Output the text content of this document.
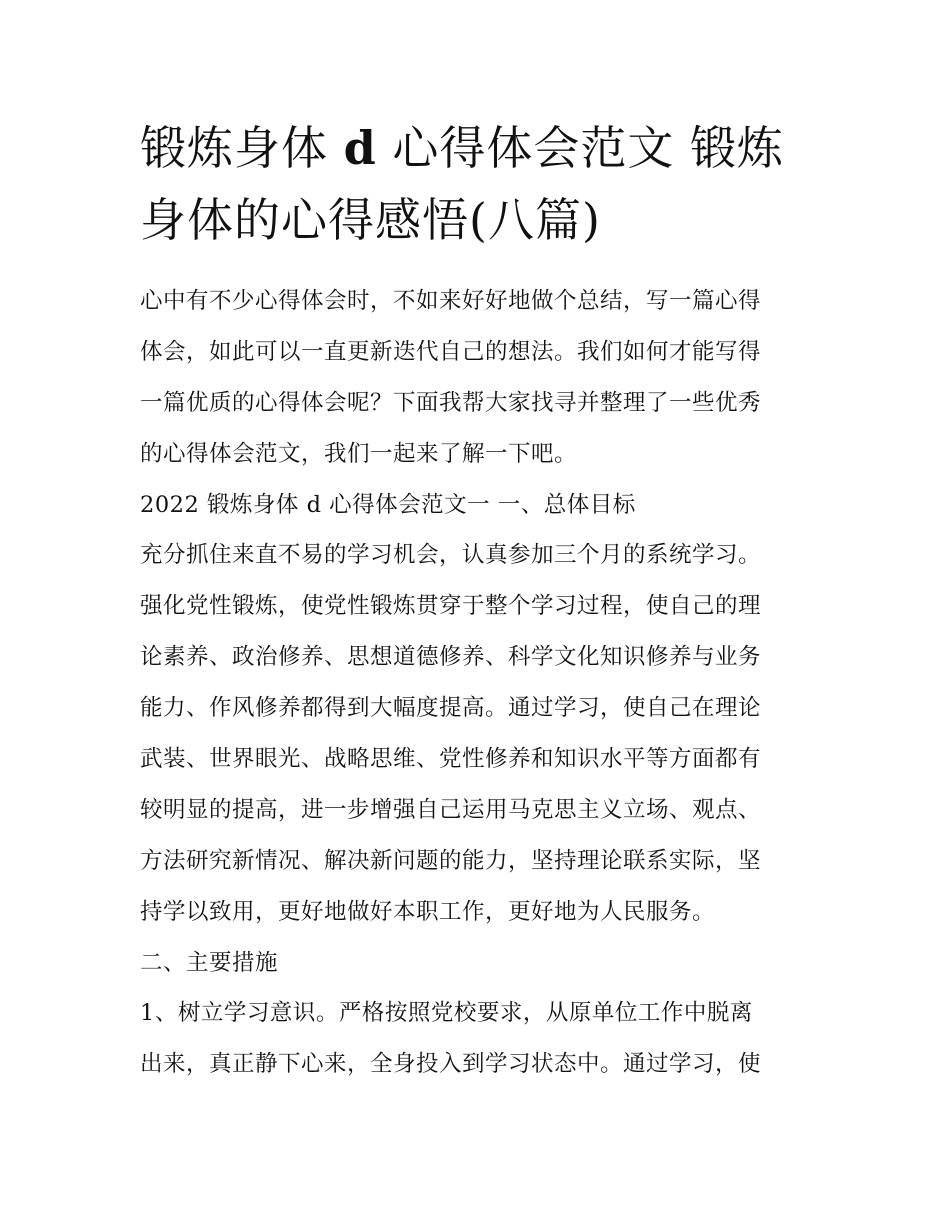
锻炼身体 d 心得体会范文 锻炼
身体的心得感悟(八篇)
心中有不少心得体会时，不如来好好地做个总结，写一篇心得
体会，如此可以一直更新迭代自己的想法。我们如何才能写得
一篇优质的心得体会呢？下面我帮大家找寻并整理了一些优秀
的心得体会范文，我们一起来了解一下吧。
2022 锻炼身体 d 心得体会范文一 一、总体目标
充分抓住来直不易的学习机会，认真参加三个月的系统学习。
强化党性锻炼，使党性锻炼贯穿于整个学习过程，使自己的理
论素养、政治修养、思想道德修养、科学文化知识修养与业务
能力、作风修养都得到大幅度提高。通过学习，使自己在理论
武装、世界眼光、战略思维、党性修养和知识水平等方面都有
较明显的提高，进一步增强自己运用马克思主义立场、观点、
方法研究新情况、解决新问题的能力，坚持理论联系实际，坚
持学以致用，更好地做好本职工作，更好地为人民服务。
二、主要措施
1、树立学习意识。严格按照党校要求，从原单位工作中脱离
出来，真正静下心来，全身投入到学习状态中。通过学习，使
